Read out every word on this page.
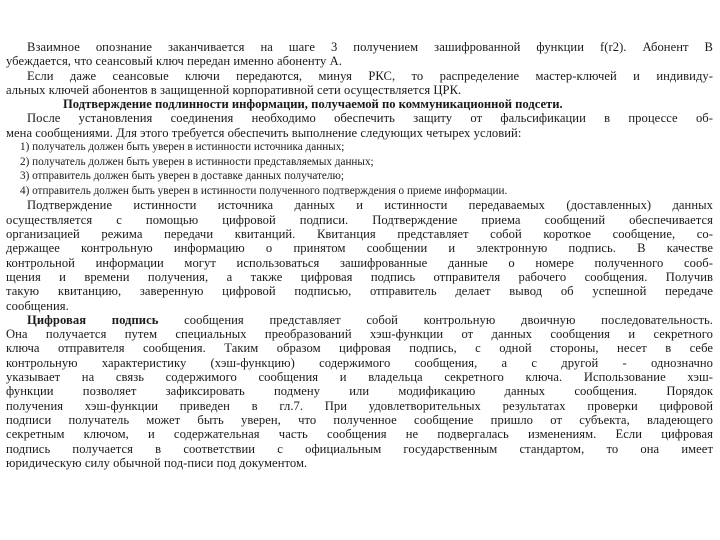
Взаимное опознание заканчивается на шаге 3 получением зашифрованной функции f(r2). Абонент В
убеждается, что сеансовый ключ передан именно абоненту А.
Если даже сеансовые ключи передаются, минуя РКС, то распределение мастер-ключей и индивиду-
альных ключей абонентов в защищенной корпоративной сети осуществляется ЦРК.
Подтверждение подлинности информации, получаемой по коммуникационной подсети.
После установления соединения необходимо обеспечить защиту от фальсификации в процессе об-
мена сообщениями. Для этого требуется обеспечить выполнение следующих четырех условий:
1) получатель должен быть уверен в истинности источника данных;
2) получатель должен быть уверен в истинности представляемых данных;
3) отправитель должен быть уверен в доставке данных получателю;
4) отправитель должен быть уверен в истинности полученного подтверждения о приеме информации.
Подтверждение истинности источника данных и истинности передаваемых (доставленных) данных
осуществляется с помощью цифровой подписи. Подтверждение приема сообщений обеспечивается
организацией режима передачи квитанций. Квитанция представляет собой короткое сообщение, со-
держащее контрольную информацию о принятом сообщении и электронную подпись. В качестве
контрольной информации могут использоваться зашифрованные данные о номере полученного сооб-
щения и времени получения, а также цифровая подпись отправителя рабочего сообщения. Получив
такую квитанцию, заверенную цифровой подписью, отправитель делает вывод об успешной передаче
сообщения.
Цифровая подпись сообщения представляет собой контрольную двоичную последовательность.
Она получается путем специальных преобразований хэш-функции от данных сообщения и секретного
ключа отправителя сообщения. Таким образом цифровая подпись, с одной стороны, несет в себе
контрольную характеристику (хэш-функцию) содержимого сообщения, а с другой - однозначно
указывает на связь содержимого сообщения и владельца секретного ключа. Использование хэш-
функции позволяет зафиксировать подмену или модификацию данных сообщения. Порядок
получения хэш-функции приведен в гл.7. При удовлетворительных результатах проверки цифровой
подписи получатель может быть уверен, что полученное сообщение пришло от субъекта, владеющего
секретным ключом, и содержательная часть сообщения не подвергалась изменениям. Если цифровая
подпись получается в соответствии с официальным государственным стандартом, то она имеет
юридическую силу обычной под-писи под документом.
